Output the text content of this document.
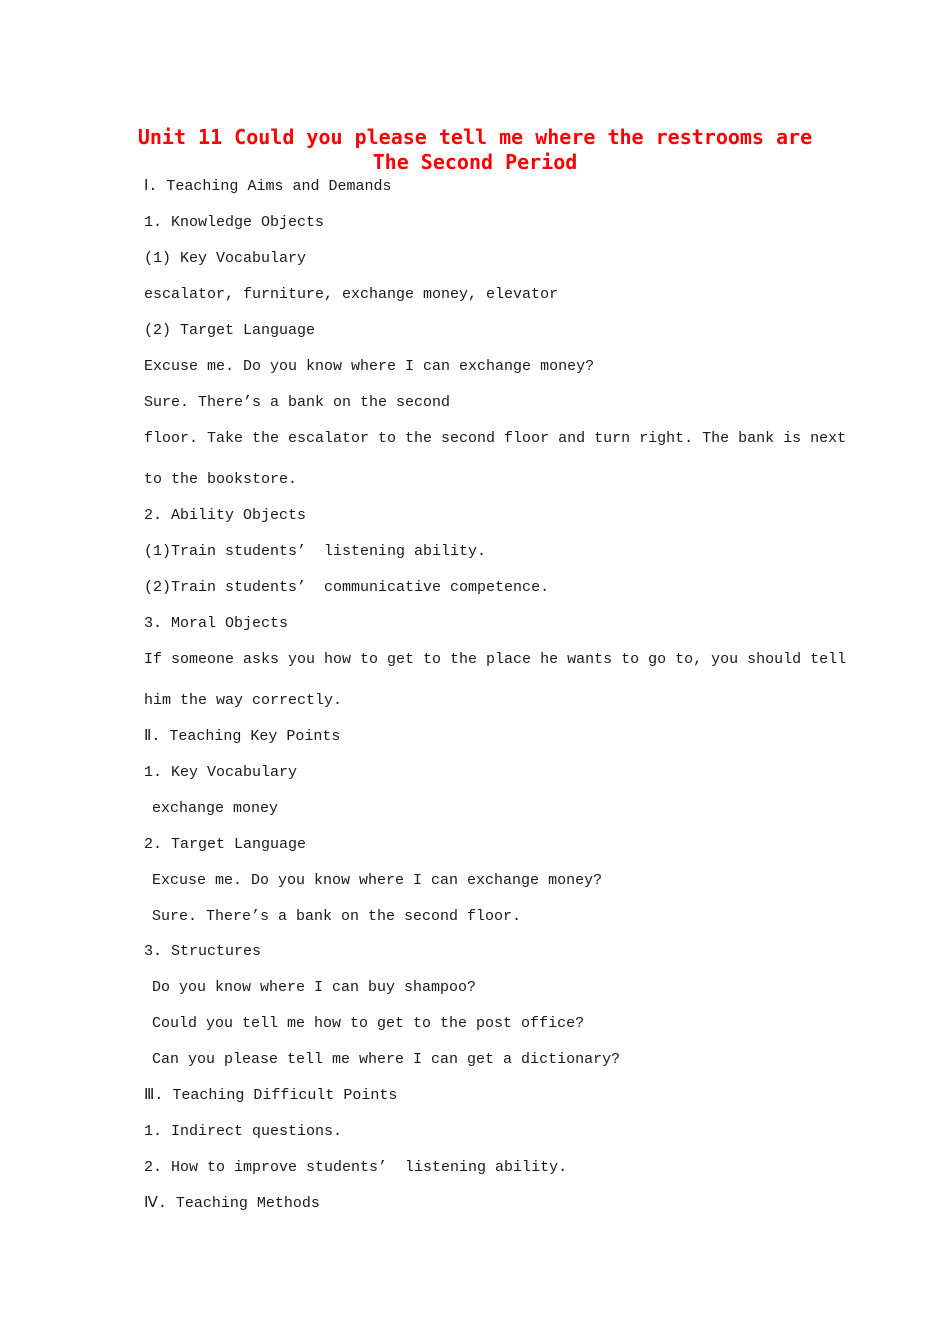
Unit 11 Could you please tell me where the restrooms are
The Second Period
Ⅰ. Teaching Aims and Demands
1. Knowledge Objects
(1) Key Vocabulary
escalator, furniture, exchange money, elevator
(2) Target Language
Excuse me. Do you know where I can exchange money?
Sure. There’s a bank on the second
floor. Take the escalator to the second floor and turn right. The bank is next
to the bookstore.
2. Ability Objects
(1)Train students’  listening ability.
(2)Train students’  communicative competence.
3. Moral Objects
If someone asks you how to get to the place he wants to go to, you should tell
him the way correctly.
Ⅱ. Teaching Key Points
1. Key Vocabulary
exchange money
2. Target Language
Excuse me. Do you know where I can exchange money?
Sure. There’s a bank on the second floor.
3. Structures
Do you know where I can buy shampoo?
Could you tell me how to get to the post office?
Can you please tell me where I can get a dictionary?
Ⅲ. Teaching Difficult Points
1. Indirect questions.
2. How to improve students’  listening ability.
Ⅳ. Teaching Methods
